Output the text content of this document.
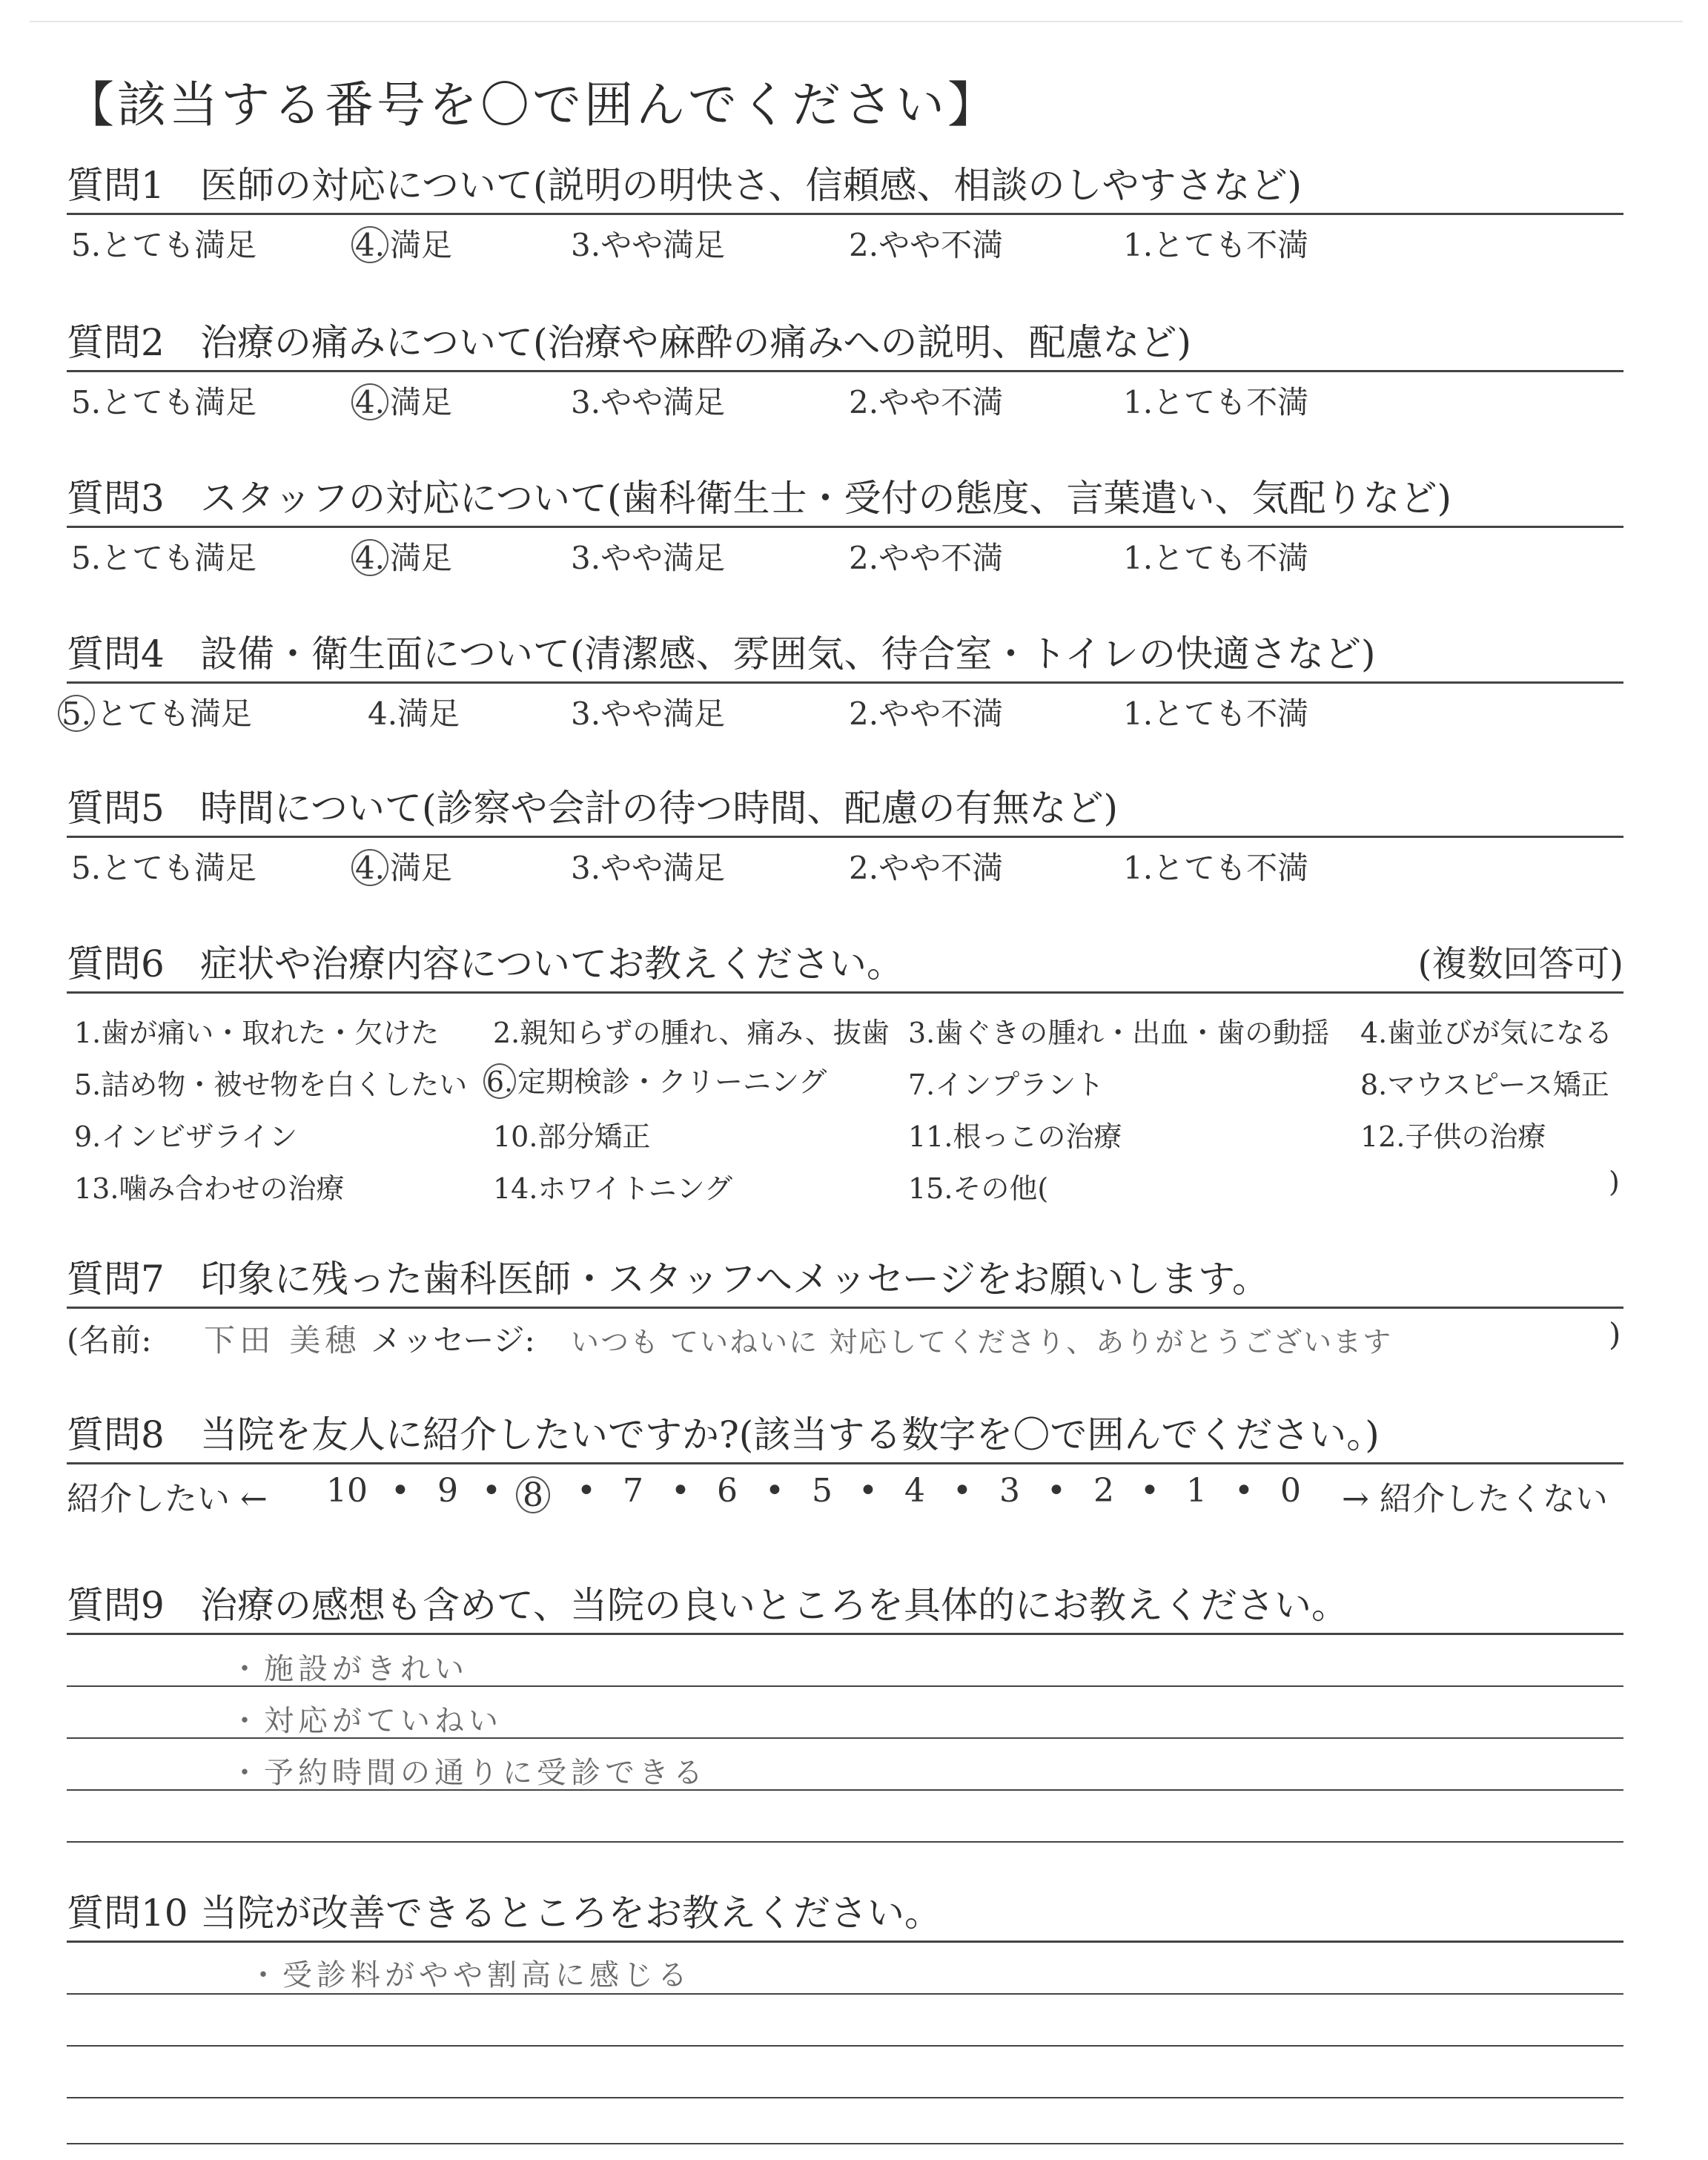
【該当する番号を〇で囲んでください】
質問1 医師の対応について(説明の明快さ、信頼感、相談のしやすさなど)
5.とても満足	4. 満足	3.やや満足	2.やや不満	1.とても不満
質問2 治療の痛みについて(治療や麻酔の痛みへの説明、配慮など)
5.とても満足	4. 満足	3.やや満足	2.やや不満	1.とても不満
質問3 スタッフの対応について(歯科衛生士・受付の態度、言葉遣い、気配りなど)
5.とても満足	4. 満足	3.やや満足	2.やや不満	1.とても不満
質問4 設備・衛生面について(清潔感、雰囲気、待合室・トイレの快適さなど)
5. とても満足	4.満足	3.やや満足	2.やや不満	1.とても不満
質問5 時間について(診察や会計の待つ時間、配慮の有無など)
5.とても満足	4. 満足	3.やや満足	2.やや不満	1.とても不満
質問6 症状や治療内容についてお教えください。	(複数回答可)
1.歯が痛い・取れた・欠けた 2.親知らずの腫れ、痛み、抜歯 3.歯ぐきの腫れ・出血・歯の動揺 4.歯並びが気になる
5.詰め物・被せ物を白くしたい 6. 定期検診・クリーニング	7.インプラント	8.マウスピース矯正
9.インビザライン	10.部分矯正	11.根っこの治療	12.子供の治療
13.噛み合わせの治療	14.ホワイトニング	15.その他(	)
質問7 印象に残った歯科医師・スタッフへメッセージをお願いします。
(名前: 下田 美穂 メッセージ: いつも ていねいに 対応してくださり、ありがとうございます	)
質問8 当院を友人に紹介したいですか?(該当する数字を〇で囲んでください。)
紹介したい ← 10 • 9 • 8 • 7 • 6 • 5 • 4 • 3 • 2 • 1 • 0 → 紹介したくない
質問9 治療の感想も含めて、当院の良いところを具体的にお教えください。
・施設がきれい
・対応がていねい
・予約時間の通りに受診できる
質問10 当院が改善できるところをお教えください。
・受診料がやや割高に感じる
